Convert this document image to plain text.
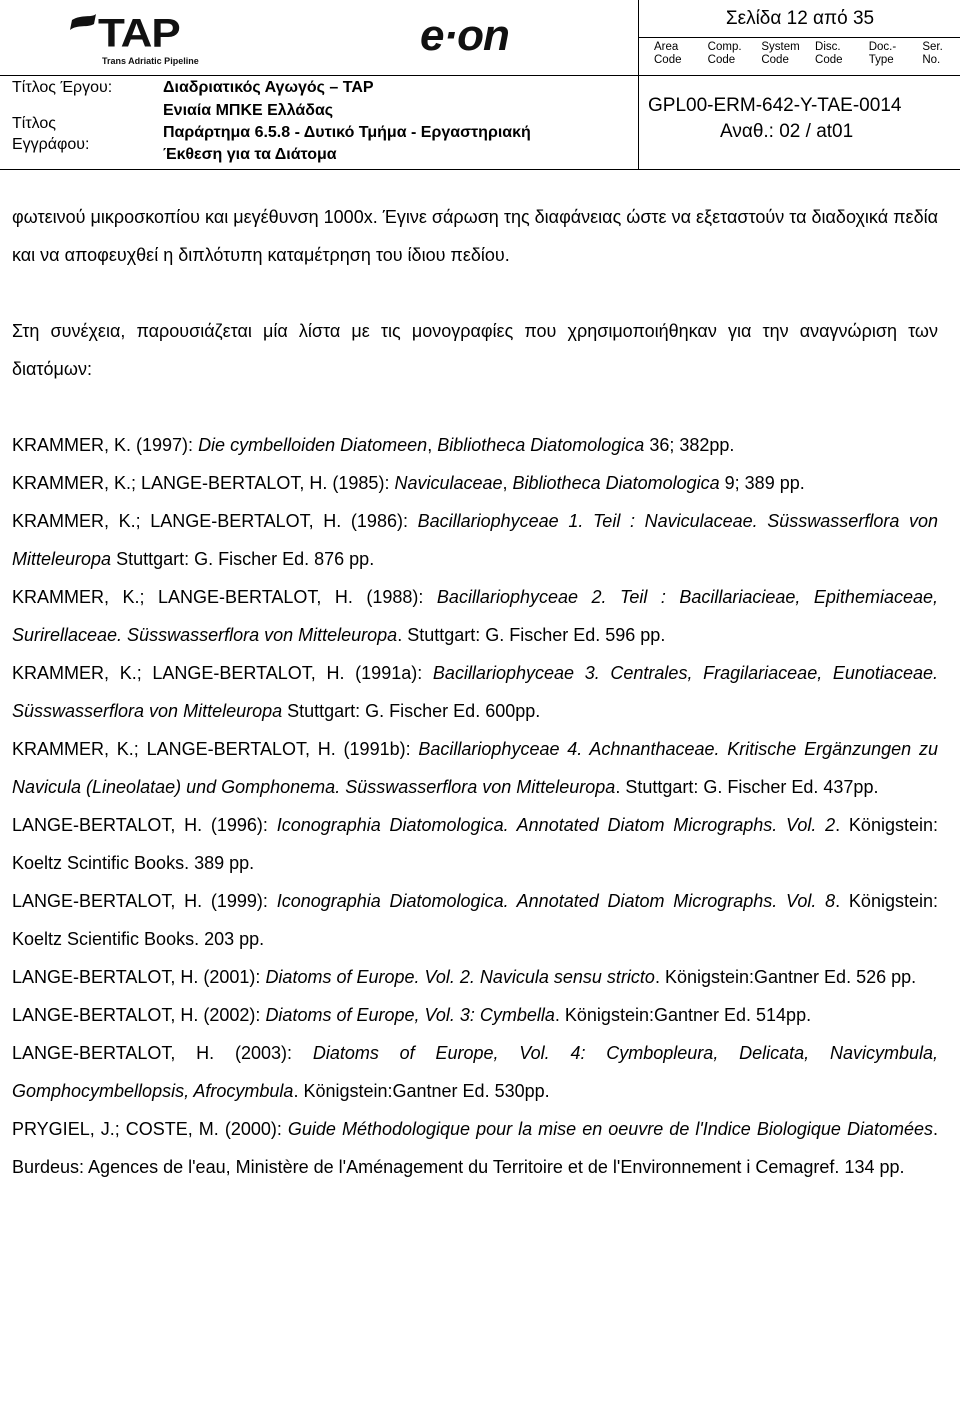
TAP
Trans Adriatic Pipeline
e·on	Σελίδα 12 από 35
Area
Code
Comp.
Code
System
Code
Disc.
Code
Doc.-
Type
Ser.
No.
Τίτλος Έργου:	Διαδριατικός Αγωγός – TAP
Τίτλος
Εγγράφου:
Ενιαία ΜΠΚΕ Ελλάδας
Παράρτημα 6.5.8 - Δυτικό Τμήμα - Εργαστηριακή
Έκθεση για τα Διάτομα
GPL00-ERM-642-Y-TAE-0014
Αναθ.: 02 / at01

φωτεινού μικροσκοπίου και μεγέθυνση 1000x. Έγινε σάρωση της διαφάνειας ώστε να εξεταστούν τα διαδοχικά πεδία και να αποφευχθεί η διπλότυπη καταμέτρηση του ίδιου πεδίου.

Στη συνέχεια, παρουσιάζεται μία λίστα με τις μονογραφίες που χρησιμοποιήθηκαν για την αναγνώριση των διατόμων:

KRAMMER, K. (1997): Die cymbelloiden Diatomeen, Bibliotheca Diatomologica 36; 382pp.

KRAMMER, K.; LANGE-BERTALOT, H. (1985): Naviculaceae, Bibliotheca Diatomologica 9; 389 pp.

KRAMMER, K.; LANGE-BERTALOT, H. (1986): Bacillariophyceae 1. Teil : Naviculaceae. Süsswasserflora von Mitteleuropa Stuttgart: G. Fischer Ed. 876 pp.

KRAMMER, K.; LANGE-BERTALOT, H. (1988): Bacillariophyceae 2. Teil : Bacillariacieae, Epithemiaceae, Surirellaceae. Süsswasserflora von Mitteleuropa. Stuttgart: G. Fischer Ed. 596 pp.

KRAMMER, K.; LANGE-BERTALOT, H. (1991a): Bacillariophyceae 3. Centrales, Fragilariaceae, Eunotiaceae. Süsswasserflora von Mitteleuropa Stuttgart: G. Fischer Ed. 600pp.

KRAMMER, K.; LANGE-BERTALOT, H. (1991b): Bacillariophyceae 4. Achnanthaceae. Kritische Ergänzungen zu Navicula (Lineolatae) und Gomphonema. Süsswasserflora von Mitteleuropa. Stuttgart: G. Fischer Ed. 437pp.

LANGE-BERTALOT, H. (1996): Iconographia Diatomologica. Annotated Diatom Micrographs. Vol. 2. Königstein: Koeltz Scintific Books. 389 pp.

LANGE-BERTALOT, H. (1999): Iconographia Diatomologica. Annotated Diatom Micrographs. Vol. 8. Königstein: Koeltz Scientific Books. 203 pp.

LANGE-BERTALOT, H. (2001): Diatoms of Europe. Vol. 2. Navicula sensu stricto. Königstein:Gantner Ed. 526 pp.

LANGE-BERTALOT, H. (2002): Diatoms of Europe, Vol. 3: Cymbella. Königstein:Gantner Ed. 514pp.

LANGE-BERTALOT, H. (2003): Diatoms of Europe, Vol. 4: Cymbopleura, Delicata, Navicymbula, Gomphocymbellopsis, Afrocymbula. Königstein:Gantner Ed. 530pp.

PRYGIEL, J.; COSTE, M. (2000): Guide Méthodologique pour la mise en oeuvre de l'Indice Biologique Diatomées. Burdeus: Agences de l'eau, Ministère de l'Aménagement du Territoire et de l'Environnement i Cemagref. 134 pp.
